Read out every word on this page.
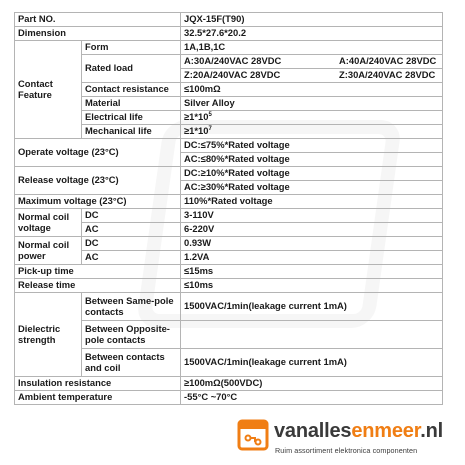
Part NO.		JQX-15F(T90)
Dimension		32.5*27.6*20.2
Contact Feature	Form	1A,1B,1C
	Rated load	A:30A/240VAC 28VDC A:40A/240VAC 28VDC

		Z:20A/240VAC 28VDC Z:30A/240VAC 28VDC

	Contact resistance	≤100mΩ
	Material	Silver Alloy
	Electrical life	$\ge 1*10^5$
	Mechanical life	$\ge 1*10^7$
Operate voltage (23°C)		DC:≤75%*Rated voltage
		AC:≤80%*Rated voltage
Release voltage (23°C)		DC:≥10%*Rated voltage
		AC:≥30%*Rated voltage
Maximum voltage (23°C)		110%*Rated voltage
Normal coil voltage	DC	3-110V
	AC	6-220V
Normal coil power	DC	0.93W
	AC	1.2VA
Pick-up time		≤15ms
Release time		≤10ms
Dielectric strength	Between Same-pole contacts	1500VAC/1min(leakage current 1mA)
	Between Opposite-pole contacts	
	Between contacts and coil	1500VAC/1min(leakage current 1mA)
Insulation resistance		≥100mΩ(500VDC)
Ambient temperature		-55°C ~70°C
vanallesenmeer.nl
Ruim assortiment elektronica componenten
